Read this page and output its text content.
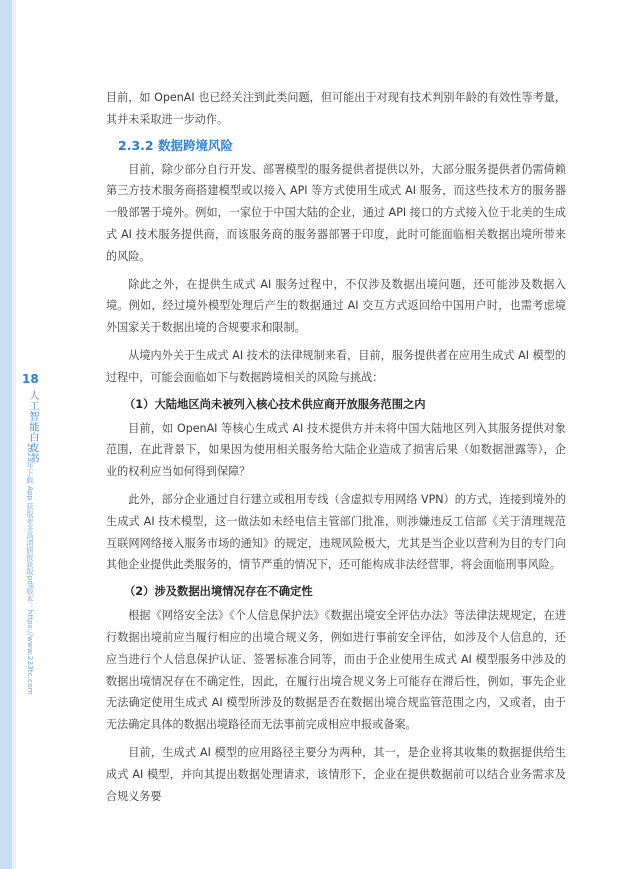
18
人工智能白皮书
2023年下载 App 获取更多高清研报获取pdf版本：https://www.233tc.com

目前，如 OpenAI 也已经关注到此类问题，但可能出于对现有技术判别年龄的有效性等考量，其并未采取进一步动作。

2.3.2 数据跨境风险

目前，除少部分自行开发、部署模型的服务提供者提供以外，大部分服务提供者仍需倚赖第三方技术服务商搭建模型或以接入 API 等方式使用生成式 AI 服务，而这些技术方的服务器一般部署于境外。例如，一家位于中国大陆的企业，通过 API 接口的方式接入位于北美的生成式 AI 技术服务提供商，而该服务商的服务器部署于印度，此时可能面临相关数据出境所带来的风险。

除此之外，在提供生成式 AI 服务过程中，不仅涉及数据出境问题，还可能涉及数据入境。例如，经过境外模型处理后产生的数据通过 AI 交互方式返回给中国用户时，也需考虑境外国家关于数据出境的合规要求和限制。

从境内外关于生成式 AI 技术的法律规制来看，目前，服务提供者在应用生成式 AI 模型的过程中，可能会面临如下与数据跨境相关的风险与挑战：

（1）大陆地区尚未被列入核心技术供应商开放服务范围之内

目前，如 OpenAI 等核心生成式 AI 技术提供方并未将中国大陆地区列入其服务提供对象范围，在此背景下，如果因为使用相关服务给大陆企业造成了损害后果（如数据泄露等），企业的权利应当如何得到保障？

此外，部分企业通过自行建立或租用专线（含虚拟专用网络 VPN）的方式，连接到境外的生成式 AI 技术模型，这一做法如未经电信主管部门批准，则涉嫌违反工信部《关于清理规范互联网网络接入服务市场的通知》的规定，违规风险极大，尤其是当企业以营利为目的专门向其他企业提供此类服务的，情节严重的情况下，还可能构成非法经营罪，将会面临刑事风险。

（2）涉及数据出境情况存在不确定性

根据《网络安全法》《个人信息保护法》《数据出境安全评估办法》等法律法规规定，在进行数据出境前应当履行相应的出境合规义务，例如进行事前安全评估，如涉及个人信息的，还应当进行个人信息保护认证、签署标准合同等，而由于企业使用生成式 AI 模型服务中涉及的数据出境情况存在不确定性，因此，在履行出境合规义务上可能存在滞后性，例如，事先企业无法确定使用生成式 AI 模型所涉及的数据是否在数据出境合规监管范围之内，又或者，由于无法确定具体的数据出境路径而无法事前完成相应申报或备案。

目前，生成式 AI 模型的应用路径主要分为两种，其一，是企业将其收集的数据提供给生成式 AI 模型，并向其提出数据处理请求，该情形下，企业在提供数据前可以结合业务需求及合规义务要
